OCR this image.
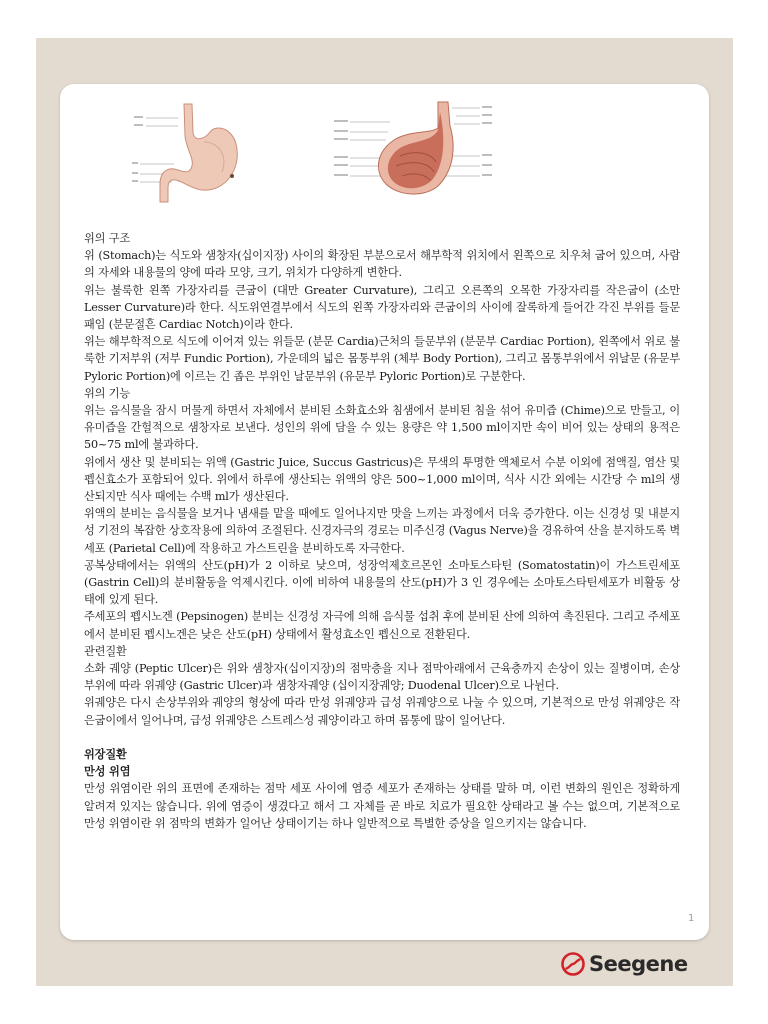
위의 구조

위 (Stomach)는 식도와 샘창자(십이지장) 사이의 확장된 부분으로서 해부학적 위치에서 왼쪽으로 치우쳐 굽어 있으며, 사람의 자세와 내용물의 양에 따라 모양, 크기, 위치가 다양하게 변한다.

위는 불룩한 왼쪽 가장자리를 큰굽이 (대만 Greater Curvature), 그리고 오른쪽의 오목한 가장자리를 작은굽이 (소만 Lesser Curvature)라 한다. 식도위연결부에서 식도의 왼쪽 가장자리와 큰굽이의 사이에 잘록하게 들어간 각진 부위를 들문패임 (분문절흔 Cardiac Notch)이라 한다.

위는 해부학적으로 식도에 이어져 있는 위들문 (분문 Cardia)근처의 들문부위 (분문부 Cardiac Portion), 왼쪽에서 위로 불룩한 기저부위 (저부 Fundic Portion), 가운데의 넓은 몸통부위 (체부 Body Portion), 그리고 몸통부위에서 위날문 (유문부 Pyloric Portion)에 이르는 긴 좁은 부위인 날문부위 (유문부 Pyloric Portion)로 구분한다.

위의 기능

위는 음식물을 잠시 머물게 하면서 자체에서 분비된 소화효소와 침샘에서 분비된 침을 섞어 유미즙 (Chime)으로 만들고, 이 유미즙을 간헐적으로 샘창자로 보낸다. 성인의 위에 담을 수 있는 용량은 약 1,500 ml이지만 속이 비어 있는 상태의 용적은 50~75 ml에 불과하다.

위에서 생산 및 분비되는 위액 (Gastric Juice, Succus Gastricus)은 무색의 투명한 액체로서 수분 이외에 점액질, 염산 및 펩신효소가 포함되어 있다. 위에서 하루에 생산되는 위액의 양은 500~1,000 ml이며, 식사 시간 외에는 시간당 수 ml의 생산되지만 식사 때에는 수백 ml가 생산된다.

위액의 분비는 음식물을 보거나 냄새를 맡을 때에도 일어나지만 맛을 느끼는 과정에서 더욱 증가한다. 이는 신경성 및 내분지성 기전의 복잡한 상호작용에 의하여 조절된다. 신경자극의 경로는 미주신경 (Vagus Nerve)을 경유하여 산을 분지하도록 벽세포 (Parietal Cell)에 작용하고 가스트린을 분비하도록 자극한다.

공복상태에서는 위액의 산도(pH)가 2 이하로 낮으며, 성장억제호르몬인 소마토스타틴 (Somatostatin)이 가스트린세포 (Gastrin Cell)의 분비활동을 억제시킨다. 이에 비하여 내용물의 산도(pH)가 3 인 경우에는 소마토스타틴세포가 비활동 상태에 있게 된다.

주세포의 펩시노겐 (Pepsinogen) 분비는 신경성 자극에 의해 음식물 섭취 후에 분비된 산에 의하여 촉진된다. 그리고 주세포에서 분비된 펩시노겐은 낮은 산도(pH) 상태에서 활성효소인 펩신으로 전환된다.

관련질환

소화 궤양 (Peptic Ulcer)은 위와 샘창자(십이지장)의 점막층을 지나 점막아래에서 근육층까지 손상이 있는 질병이며, 손상부위에 따라 위궤양 (Gastric Ulcer)과 샘창자궤양 (십이지장궤양; Duodenal Ulcer)으로 나뉜다.

위궤양은 다시 손상부위와 궤양의 형상에 따라 만성 위궤양과 급성 위궤양으로 나눌 수 있으며, 기본적으로 만성 위궤양은 작은굽이에서 일어나며, 급성 위궤양은 스트레스성 궤양이라고 하며 몸통에 많이 일어난다.

위장질환

만성 위염

만성 위염이란 위의 표면에 존재하는 점막 세포 사이에 염증 세포가 존재하는 상태를 말하 며, 이런 변화의 원인은 정확하게 알려져 있지는 않습니다. 위에 염증이 생겼다고 해서 그 자체를 곧 바로 치료가 필요한 상태라고 볼 수는 없으며, 기본적으로 만성 위염이란 위 점막의 변화가 일어난 상태이기는 하나 일반적으로 특별한 증상을 일으키지는 않습니다.

1
Seegene
